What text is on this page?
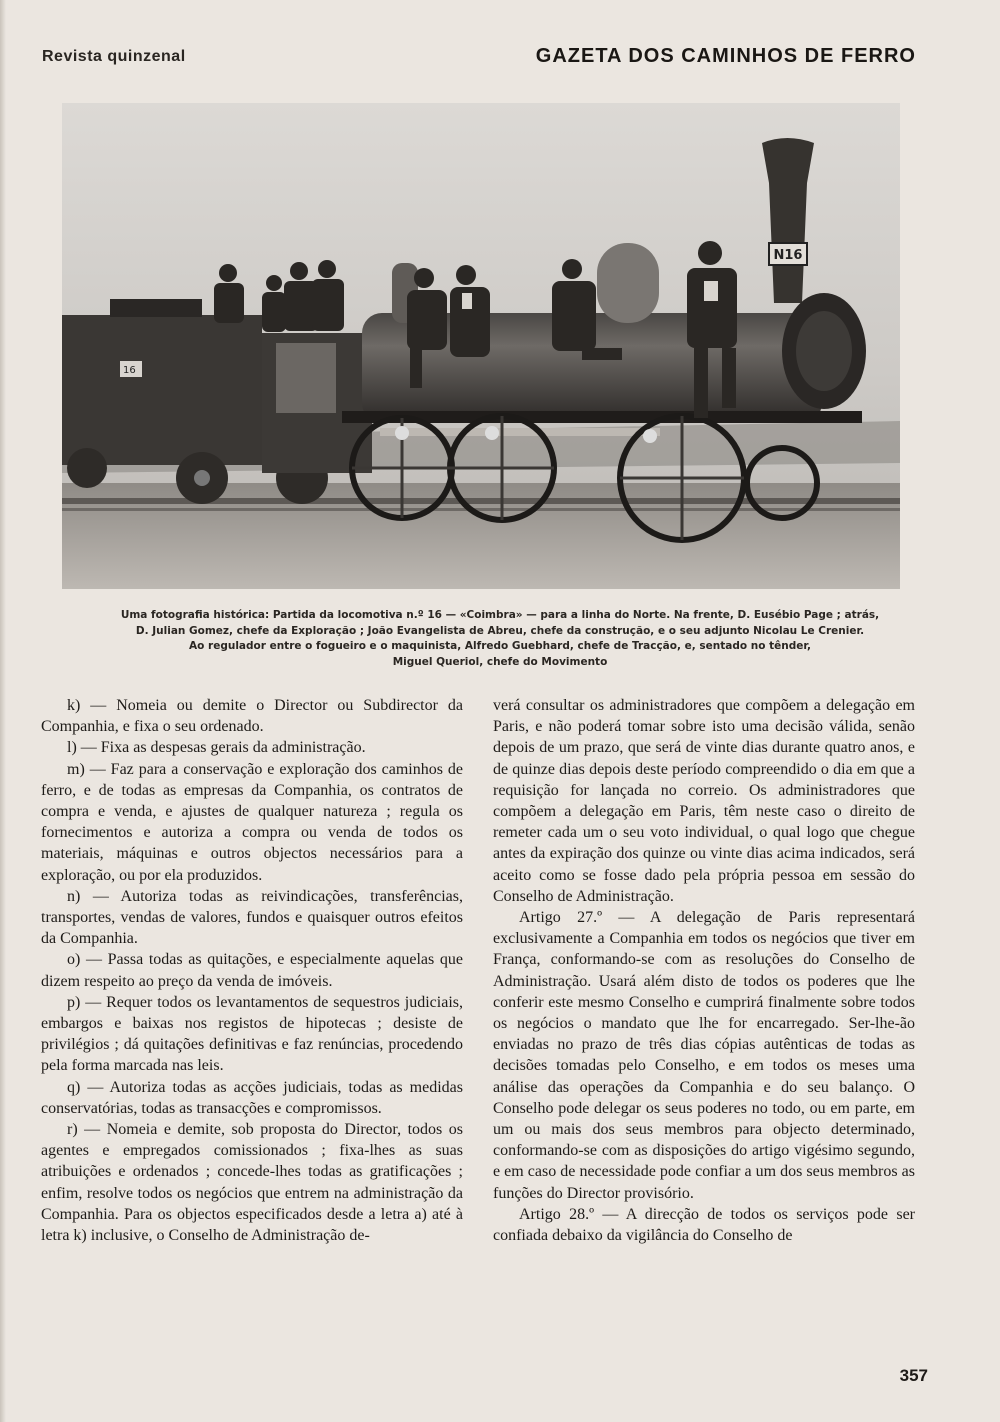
Revista quinzenal	GAZETA DOS CAMINHOS DE FERRO
16
N16
Uma fotografia histórica: Partida da locomotiva n.º 16 — «Coimbra» — para a linha do Norte. Na frente, D. Eusébio Page ; atrás,
D. Julian Gomez, chefe da Exploração ; João Evangelista de Abreu, chefe da construção, e o seu adjunto Nicolau Le Crenier.
Ao regulador entre o fogueiro e o maquinista, Alfredo Guebhard, chefe de Tracção, e, sentado no tênder,
Miguel Queriol, chefe do Movimento

k) — Nomeia ou demite o Director ou Subdirector da Companhia, e fixa o seu ordenado.

l) — Fixa as despesas gerais da administração.

m) — Faz para a conservação e exploração dos caminhos de ferro, e de todas as empresas da Companhia, os contratos de compra e venda, e ajustes de qualquer natureza ; regula os fornecimentos e autoriza a compra ou venda de todos os materiais, máquinas e outros objectos necessários para a exploração, ou por ela produzidos.

n) — Autoriza todas as reivindicações, transferências, transportes, vendas de valores, fundos e quaisquer outros efeitos da Companhia.

o) — Passa todas as quitações, e especialmente aquelas que dizem respeito ao preço da venda de imóveis.

p) — Requer todos os levantamentos de sequestros judiciais, embargos e baixas nos registos de hipotecas ; desiste de privilégios ; dá quitações definitivas e faz renúncias, procedendo pela forma marcada nas leis.

q) — Autoriza todas as acções judiciais, todas as medidas conservatórias, todas as transacções e compromissos.

r) — Nomeia e demite, sob proposta do Director, todos os agentes e empregados comissionados ; fixa-lhes as suas atribuições e ordenados ; concede-lhes todas as gratificações ; enfim, resolve todos os negócios que entrem na administração da Companhia. Para os objectos especificados desde a letra a) até à letra k) inclusive, o Conselho de Administração de-

verá consultar os administradores que compõem a delegação em Paris, e não poderá tomar sobre isto uma decisão válida, senão depois de um prazo, que será de vinte dias durante quatro anos, e de quinze dias depois deste período compreendido o dia em que a requisição for lançada no correio. Os administradores que compõem a delegação em Paris, têm neste caso o direito de remeter cada um o seu voto individual, o qual logo que chegue antes da expiração dos quinze ou vinte dias acima indicados, será aceito como se fosse dado pela própria pessoa em sessão do Conselho de Administração.

Artigo 27.º — A delegação de Paris representará exclusivamente a Companhia em todos os negócios que tiver em França, conformando-se com as resoluções do Conselho de Administração. Usará além disto de todos os poderes que lhe conferir este mesmo Conselho e cumprirá finalmente sobre todos os negócios o mandato que lhe for encarregado. Ser-lhe-ão enviadas no prazo de três dias cópias autênticas de todas as decisões tomadas pelo Conselho, e em todos os meses uma análise das operações da Companhia e do seu balanço. O Conselho pode delegar os seus poderes no todo, ou em parte, em um ou mais dos seus membros para objecto determinado, conformando-se com as disposições do artigo vigésimo segundo, e em caso de necessidade pode confiar a um dos seus membros as funções do Director provisório.

Artigo 28.º — A direcção de todos os serviços pode ser confiada debaixo da vigilância do Conselho de

357
